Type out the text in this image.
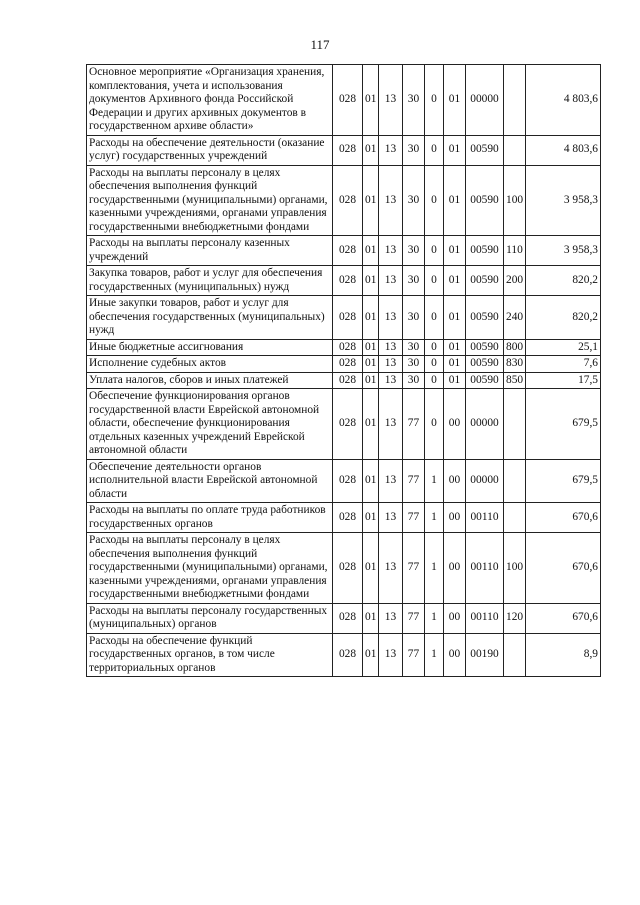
117
Основное мероприятие «Организация хранения, комплектования, учета и использования документов Архивного фонда Российской Федерации и других архивных документов в государственном архиве области»	028	01	13	30	0	01	00000		4 803,6
Расходы на обеспечение деятельности (оказание услуг) государственных учреждений	028	01	13	30	0	01	00590		4 803,6
Расходы на выплаты персоналу в целях обеспечения выполнения функций государственными (муниципальными) органами, казенными учреждениями, органами управления государственными внебюджетными фондами	028	01	13	30	0	01	00590	100	3 958,3
Расходы на выплаты персоналу казенных учреждений	028	01	13	30	0	01	00590	110	3 958,3
Закупка товаров, работ и услуг для обеспечения государственных (муниципальных) нужд	028	01	13	30	0	01	00590	200	820,2
Иные закупки товаров, работ и услуг для обеспечения государственных (муниципальных) нужд	028	01	13	30	0	01	00590	240	820,2
Иные бюджетные ассигнования	028	01	13	30	0	01	00590	800	25,1
Исполнение судебных актов	028	01	13	30	0	01	00590	830	7,6
Уплата налогов, сборов и иных платежей	028	01	13	30	0	01	00590	850	17,5
Обеспечение функционирования органов государственной власти Еврейской автономной области, обеспечение функционирования отдельных казенных учреждений Еврейской автономной области	028	01	13	77	0	00	00000		679,5
Обеспечение деятельности органов исполнительной власти Еврейской автономной области	028	01	13	77	1	00	00000		679,5
Расходы на выплаты по оплате труда работников государственных органов	028	01	13	77	1	00	00110		670,6
Расходы на выплаты персоналу в целях обеспечения выполнения функций государственными (муниципальными) органами, казенными учреждениями, органами управления государственными внебюджетными фондами	028	01	13	77	1	00	00110	100	670,6
Расходы на выплаты персоналу государственных (муниципальных) органов	028	01	13	77	1	00	00110	120	670,6
Расходы на обеспечение функций государственных органов, в том числе территориальных органов	028	01	13	77	1	00	00190		8,9
